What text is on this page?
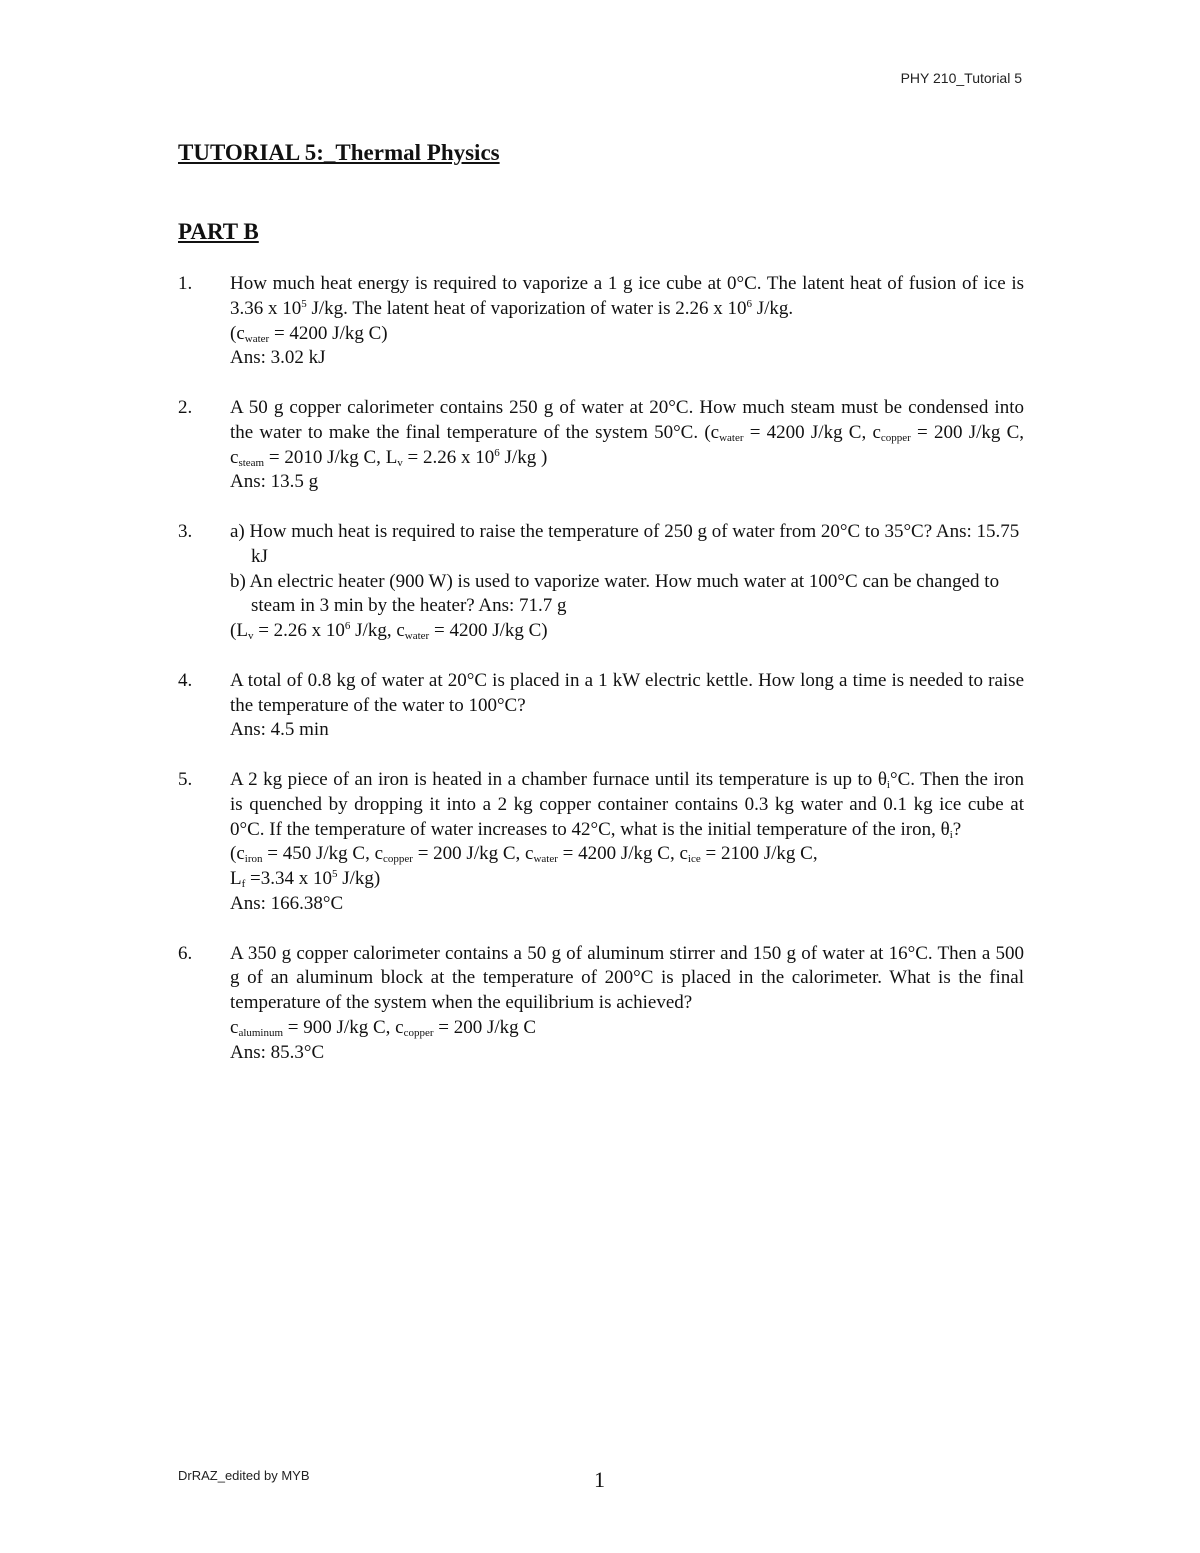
PHY 210_Tutorial 5
TUTORIAL 5:_Thermal Physics
PART B
1.	How much heat energy is required to vaporize a 1 g ice cube at 0°C. The latent heat of fusion of ice is 3.36 x $10^5$ J/kg. The latent heat of vaporization of water is 2.26 x $10^6$ J/kg.

($c_{water} = 4200$ J/kg C)

Ans: 3.02 kJ

2.	A 50 g copper calorimeter contains 250 g of water at 20°C. How much steam must be condensed into the water to make the final temperature of the system 50°C. ($c_{water} = 4200$ J/kg C, $c_{copper} = 200$ J/kg C, $c_{steam} = 2010$ J/kg C, $L_v = 2.26$ x $10^6$ J/kg )

Ans: 13.5 g

3.	a) How much heat is required to raise the temperature of 250 g of water from 20°C to 35°C? Ans: 15.75 kJ

b) An electric heater (900 W) is used to vaporize water. How much water at 100°C can be changed to steam in 3 min by the heater? Ans: 71.7 g

($L_v = 2.26$ x $10^6$ J/kg, $c_{water} = 4200$ J/kg C)

4.	A total of 0.8 kg of water at 20°C is placed in a 1 kW electric kettle. How long a time is needed to raise the temperature of the water to 100°C?

Ans: 4.5 min

5.	A 2 kg piece of an iron is heated in a chamber furnace until its temperature is up to $\theta_i^\circ C$. Then the iron is quenched by dropping it into a 2 kg copper container contains 0.3 kg water and 0.1 kg ice cube at 0°C. If the temperature of water increases to 42°C, what is the initial temperature of the iron, $\theta_i$?

($c_{iron} = 450$ J/kg C, $c_{copper} = 200$ J/kg C, $c_{water} = 4200$ J/kg C, $c_{ice} = 2100$ J/kg C,

$L_f =3.34$ x $10^5$ J/kg)

Ans: 166.38°C

6.	A 350 g copper calorimeter contains a 50 g of aluminum stirrer and 150 g of water at 16°C. Then a 500 g of an aluminum block at the temperature of 200°C is placed in the calorimeter. What is the final temperature of the system when the equilibrium is achieved?

$c_{aluminum} = 900$ J/kg C, $c_{copper} = 200$ J/kg C

Ans: 85.3°C

DrRAZ_edited by MYB	1
